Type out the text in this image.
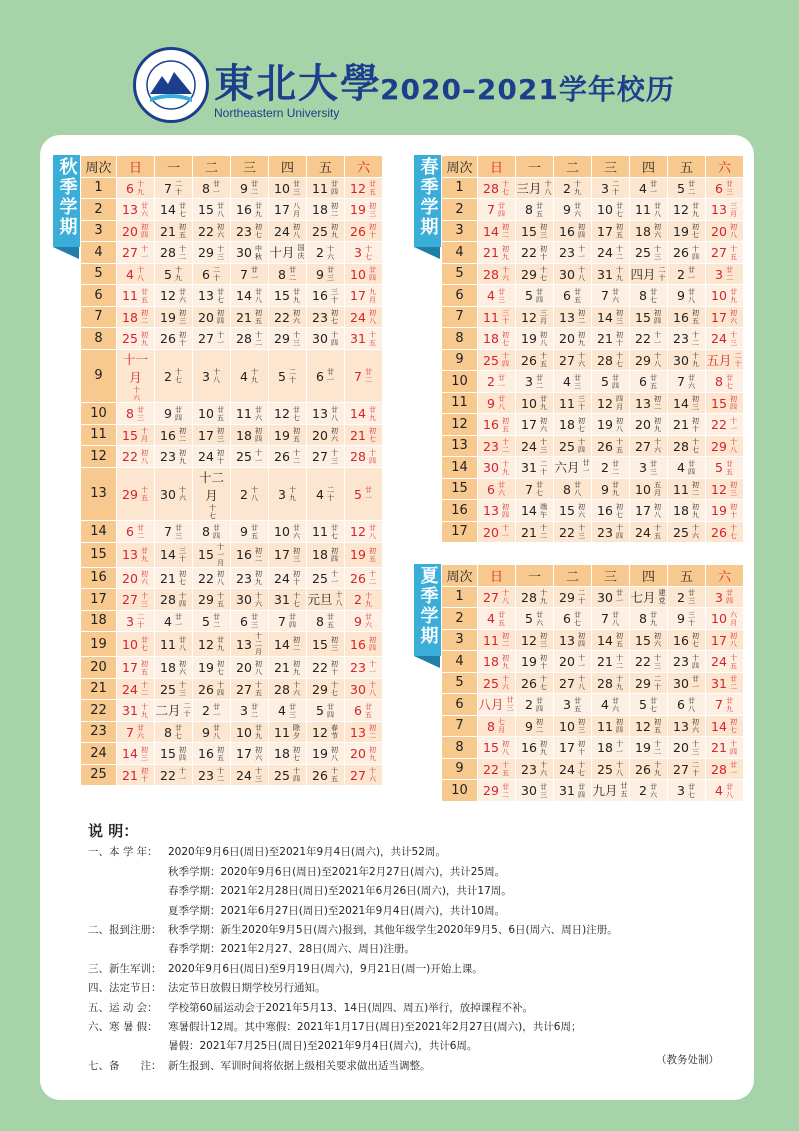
東北大學
Northeastern University
2020–2021学年校历
秋季学期 周次	日	一	二	三	四	五	六
1	6 十九	7 二十	8 廿一	9 廿二	10 廿三	11 廿四	12 廿五
2	13 廿六	14 廿七	15 廿八	16 廿九	17 八月	18 初二	19 初三
3	20 初四	21 初五	22 初六	23 初七	24 初八	25 初九	26 初十
4	27 十一	28 十二	29 十三	30 中秋	十月 国庆	2 十六	3 十七
5	4 十八	5 十九	6 二十	7 廿一	8 廿二	9 廿三	10 廿四
6	11 廿五	12 廿六	13 廿七	14 廿八	15 廿九	16 三十	17 九月
7	18 初二	19 初三	20 初四	21 初五	22 初六	23 初七	24 初八
8	25 初九	26 初十	27 十一	28 十二	29 十三	30 十四	31 十五
9	十一月十六	2 十七	3 十八	4 十九	5 二十	6 廿一	7 廿二
10	8 廿三	9 廿四	10 廿五	11 廿六	12 廿七	13 廿八	14 廿九
11	15 十月	16 初二	17 初三	18 初四	19 初五	20 初六	21 初七
12	22 初八	23 初九	24 初十	25 十一	26 十二	27 十三	28 十四
13	29 十五	30 十六	十二月十七	2 十八	3 十九	4 二十	5 廿一
14	6 廿二	7 廿三	8 廿四	9 廿五	10 廿六	11 廿七	12 廿八
15	13 廿九	14 三十	15十一月	16 初二	17 初三	18 初四	19 初五
16	20 初六	21 初七	22 初八	23 初九	24 初十	25 十一	26 十二
17	27 十三	28 十四	29 十五	30 十六	31 十七	元旦 十八	2 十九
18	3 二十	4 廿一	5 廿二	6 廿三	7 廿四	8 廿五	9 廿六
19	10 廿七	11 廿八	12 廿九	13十二月	14 初二	15 初三	16 初四
20	17 初五	18 初六	19 初七	20 初八	21 初九	22 初十	23 十一
21	24 十二	25 十三	26 十四	27 十五	28 十六	29 十七	30 十八
22	31 十九	二月 二十	2 廿一	3 廿二	4 廿三	5 廿四	6 廿五
23	7 廿六	8 廿七	9 廿八	10 廿九	11 除夕	12 春节	13 初二
24	14 初三	15 初四	16 初五	17 初六	18 初七	19 初八	20 初九
25	21 初十	22 十一	23 十二	24 十三	25 十四	26 十五	27 十六
春季学期 周次	日	一	二	三	四	五	六
1	28 十七	三月 十八	2 十九	3 二十	4 廿一	5 廿二	6 廿三
2	7 廿四	8 廿五	9 廿六	10 廿七	11 廿八	12 廿九	13 三月
3	14 初二	15 初三	16 初四	17 初五	18 初六	19 初七	20 初八
4	21 初九	22 初十	23 十一	24 十二	25 十三	26 十四	27 十五
5	28 十六	29 十七	30 十八	31 十九	四月 二十	2 廿一	3 廿二
6	4 廿三	5 廿四	6 廿五	7 廿六	8 廿七	9 廿八	10 廿九
7	11 三十	12 三月	13 初二	14 初三	15 初四	16 初五	17 初六
8	18 初七	19 初八	20 初九	21 初十	22 十一	23 十二	24 十三
9	25 十四	26 十五	27 十六	28 十七	29 十八	30 十九	五月 二十
10	2 廿一	3 廿二	4 廿三	5 廿四	6 廿五	7 廿六	8 廿七
11	9 廿八	10 廿九	11 三十	12 四月	13 初二	14 初三	15 初四
12	16 初五	17 初六	18 初七	19 初八	20 初九	21 初十	22 十一
13	23 十二	24 十三	25 十四	26 十五	27 十六	28 十七	29 十八
14	30 十九	31 二十	六月 廿一	2 廿二	3 廿三	4 廿四	5 廿五
15	6 廿六	7 廿七	8 廿八	9 廿九	10 五月	11 初二	12 初三
16	13 初四	14 端午	15 初六	16 初七	17 初八	18 初九	19 初十
17	20 十一	21 十二	22 十三	23 十四	24 十五	25 十六	26 十七
夏季学期 周次	日	一	二	三	四	五	六
1	27 十八	28 十九	29 二十	30 廿一	七月 建党	2 廿三	3 廿四
2	4 廿五	5 廿六	6 廿七	7 廿八	8 廿九	9 三十	10 六月
3	11 初二	12 初三	13 初四	14 初五	15 初六	16 初七	17 初八
4	18 初九	19 初十	20 十一	21 十二	22 十三	23 十四	24 十五
5	25 十六	26 十七	27 十八	28 十九	29 二十	30 廿一	31 廿二
6	八月 廿三	2 廿四	3 廿五	4 廿六	5 廿七	6 廿八	7 廿九
7	8 七月	9 初二	10 初三	11 初四	12 初五	13 初六	14 初七
8	15 初八	16 初九	17 初十	18 十一	19 十二	20 十三	21 十四
9	22 十五	23 十六	24 十七	25 十八	26 十九	27 二十	28 廿一
10	29 廿二	30 廿三	31 廿四	九月 廿五	2 廿六	3 廿七	4 廿八
说 明：
一、本 学 年： 2020年9月6日(周日)至2021年9月4日(周六)，共计52周。
秋季学期：2020年9月6日(周日)至2021年2月27日(周六)，共计25周。
春季学期：2021年2月28日(周日)至2021年6月26日(周六)，共计17周。
夏季学期：2021年6月27日(周日)至2021年9月4日(周六)，共计10周。
二、报到注册： 秋季学期：新生2020年9月5日(周六)报到，其他年级学生2020年9月5、6日(周六、周日)注册。
春季学期：2021年2月27、28日(周六、周日)注册。
三、新生军训： 2020年9月6日(周日)至9月19日(周六)，9月21日(周一)开始上课。
四、法定节日： 法定节日放假日期学校另行通知。
五、运 动 会： 学校第60届运动会于2021年5月13、14日(周四、周五)举行，放掉课程不补。
六、寒 暑 假： 寒暑假计12周。其中寒假：2021年1月17日(周日)至2021年2月27日(周六)，共计6周；
暑假：2021年7月25日(周日)至2021年9月4日(周六)，共计6周。
七、备　　注： 新生报到、军训时间将依据上级相关要求做出适当调整。	（教务处制）
